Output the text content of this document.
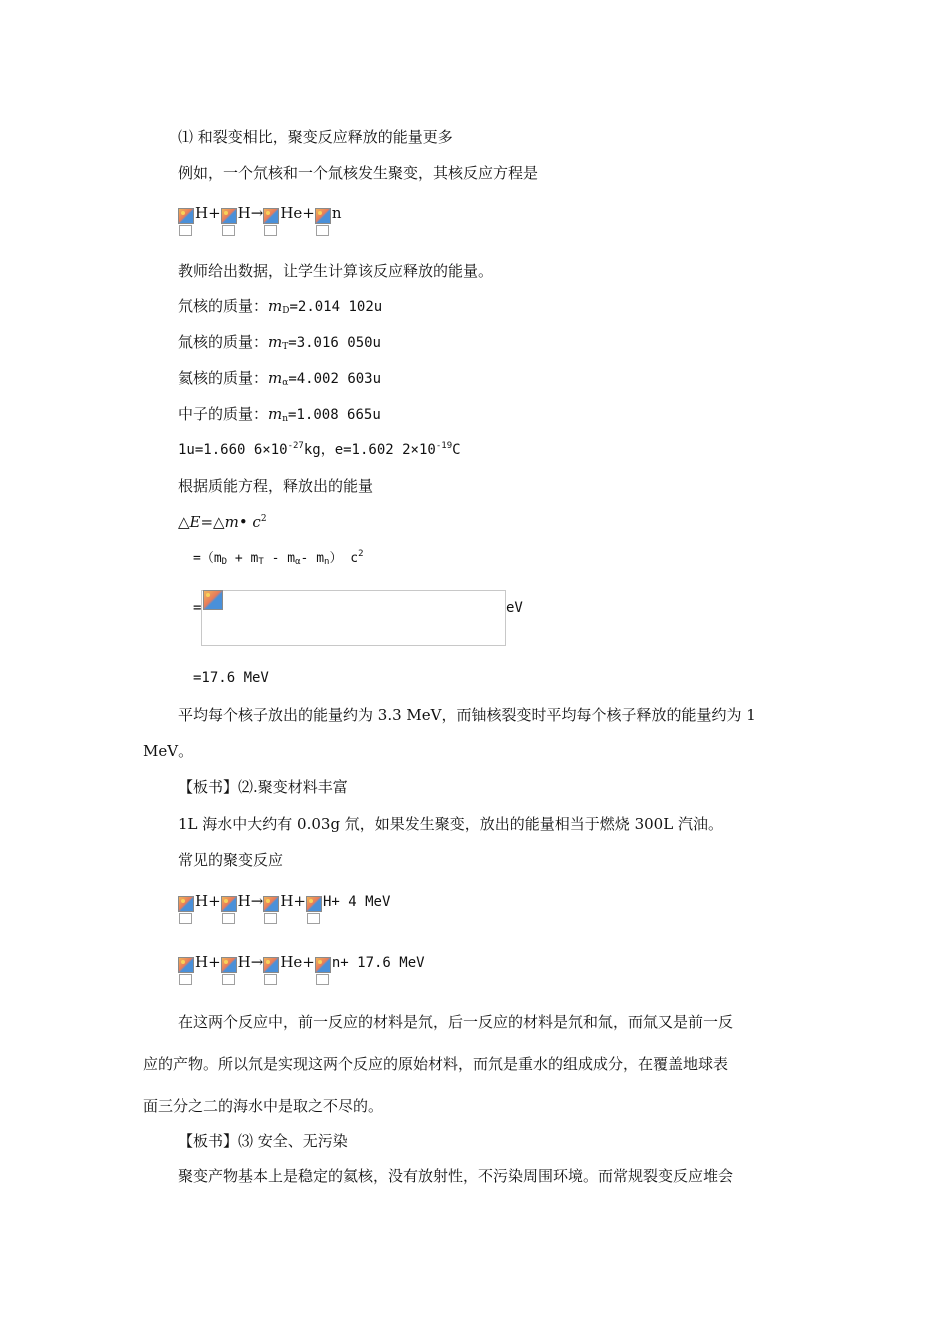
⑴ 和裂变相比，聚变反应释放的能量更多
例如，一个氘核和一个氚核发生聚变，其核反应方程是
H+ H→ He+ n
教师给出数据，让学生计算该反应释放的能量。
氘核的质量：$m_D=2.014$ 102u
氚核的质量：$m_T=3.016$ 050u
氦核的质量：$m_\alpha=4.002$ 603u
中子的质量：$m_n=1.008$ 665u
1u=1.660 $6\times 10^{-27}kg$，e=1.602 $2\times 10^{-19}C$
根据质能方程，释放出的能量
△E=△m• $c^2$
$=(m_D + m_T - m_\alpha-$ $m_n$） $c^2$
=	eV
=17.6 MeV
平均每个核子放出的能量约为 3.3 MeV，而铀核裂变时平均每个核子释放的能量约为 1
MeV。
【板书】⑵.聚变材料丰富
1L 海水中大约有 0.03g 氘，如果发生聚变，放出的能量相当于燃烧 300L 汽油。
常见的聚变反应
H+ H→ H+ H+ 4 MeV
H+ H→ He+ n+ 17.6 MeV
在这两个反应中，前一反应的材料是氘，后一反应的材料是氘和氚，而氚又是前一反
应的产物。所以氘是实现这两个反应的原始材料，而氘是重水的组成成分，在覆盖地球表
面三分之二的海水中是取之不尽的。
【板书】⑶ 安全、无污染
聚变产物基本上是稳定的氦核，没有放射性，不污染周围环境。而常规裂变反应堆会
